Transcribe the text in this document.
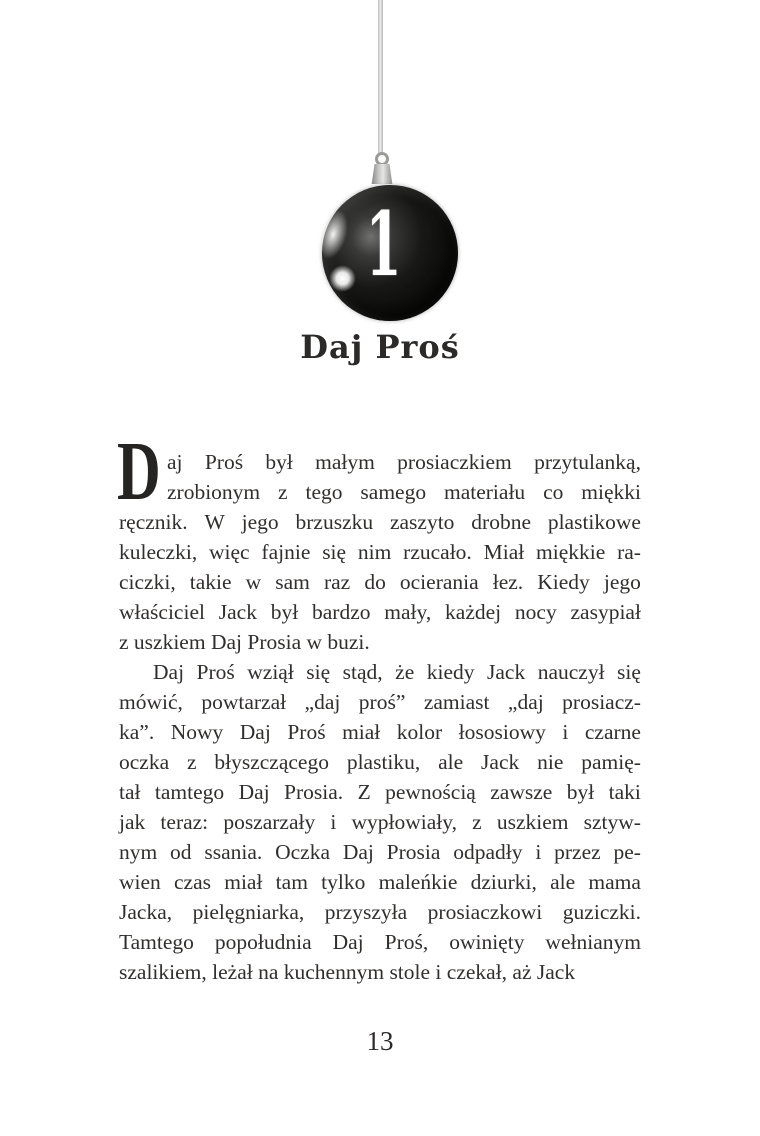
1
Daj Proś
D aj Proś był małym prosiaczkiem przytulanką,
zrobionym z tego samego materiału co miękki
ręcznik. W jego brzuszku zaszyto drobne plastikowe
kuleczki, więc fajnie się nim rzucało. Miał miękkie ra-
ciczki, takie w sam raz do ocierania łez. Kiedy jego
właściciel Jack był bardzo mały, każdej nocy zasypiał
z uszkiem Daj Prosia w buzi.
Daj Proś wziął się stąd, że kiedy Jack nauczył się
mówić, powtarzał „daj proś” zamiast „daj prosiacz-
ka”. Nowy Daj Proś miał kolor łososiowy i czarne
oczka z błyszczącego plastiku, ale Jack nie pamię-
tał tamtego Daj Prosia. Z pewnością zawsze był taki
jak teraz: poszarzały i wypłowiały, z uszkiem sztyw-
nym od ssania. Oczka Daj Prosia odpadły i przez pe-
wien czas miał tam tylko maleńkie dziurki, ale mama
Jacka, pielęgniarka, przyszyła prosiaczkowi guziczki.
Tamtego popołudnia Daj Proś, owinięty wełnianym
szalikiem, leżał na kuchennym stole i czekał, aż Jack
13
